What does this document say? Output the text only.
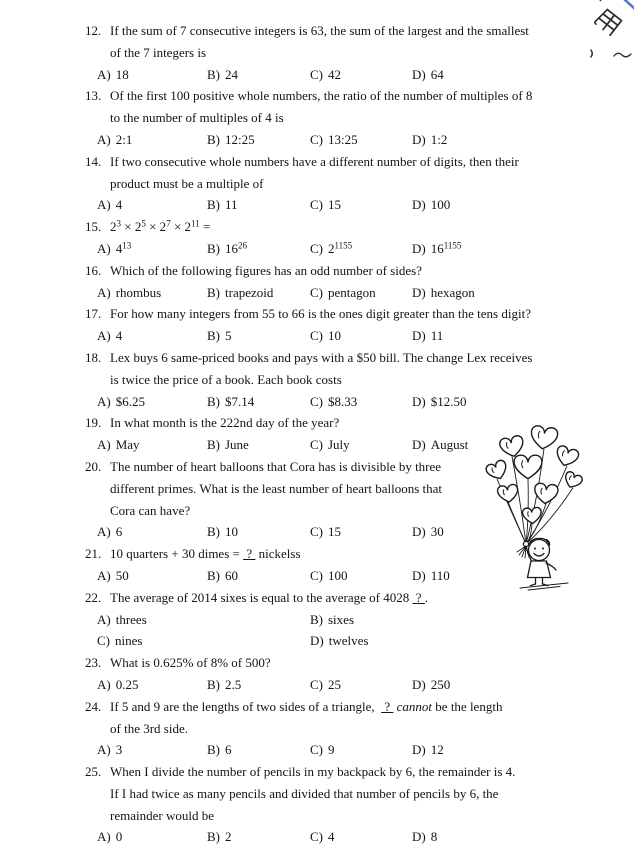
12. If the sum of 7 consecutive integers is 63, the sum of the largest and the smallest
of the 7 integers is
A) 18	B) 24	C) 42	D) 64
13. Of the first 100 positive whole numbers, the ratio of the number of multiples of 8
to the number of multiples of 4 is
A) 2:1	B) 12:25	C) 13:25	D) 1:2
14. If two consecutive whole numbers have a different number of digits, then their
product must be a multiple of
A) 4	B) 11	C) 15	D) 100
15. $2^3 \times 2^5 \times 2^7 \times 2^{11}$ =
A) $4^{13}$	B) $16^{26}$	C) $2^{1155}$	D) $16^{1155}$
16. Which of the following figures has an odd number of sides?
A) rhombus	B) trapezoid	C) pentagon	D) hexagon
17. For how many integers from 55 to 66 is the ones digit greater than the tens digit?
A) 4	B) 5	C) 10	D) 11
18. Lex buys 6 same-priced books and pays with a $50 bill. The change Lex receives
is twice the price of a book. Each book costs
A) $6.25	B) $7.14	C) $8.33	D) $12.50
19. In what month is the 222nd day of the year?
A) May	B) June	C) July	D) August
20. The number of heart balloons that Cora has is divisible by three
different primes. What is the least number of heart balloons that
Cora can have?
A) 6	B) 10	C) 15	D) 30
21. 10 quarters + 30 dimes =  ?  nickelss
A) 50	B) 60	C) 100	D) 110
22. The average of 2014 sixes is equal to the average of 4028  ? .
A) threes	B) sixes
C) nines	D) twelves
23. What is 0.625% of 8% of 500?
A) 0.25	B) 2.5	C) 25	D) 250
24. If 5 and 9 are the lengths of two sides of a triangle,   ?  cannot be the length
of the 3rd side.
A) 3	B) 6	C) 9	D) 12
25. When I divide the number of pencils in my backpack by 6, the remainder is 4.
If I had twice as many pencils and divided that number of pencils by 6, the
remainder would be
A) 0	B) 2	C) 4	D) 8
